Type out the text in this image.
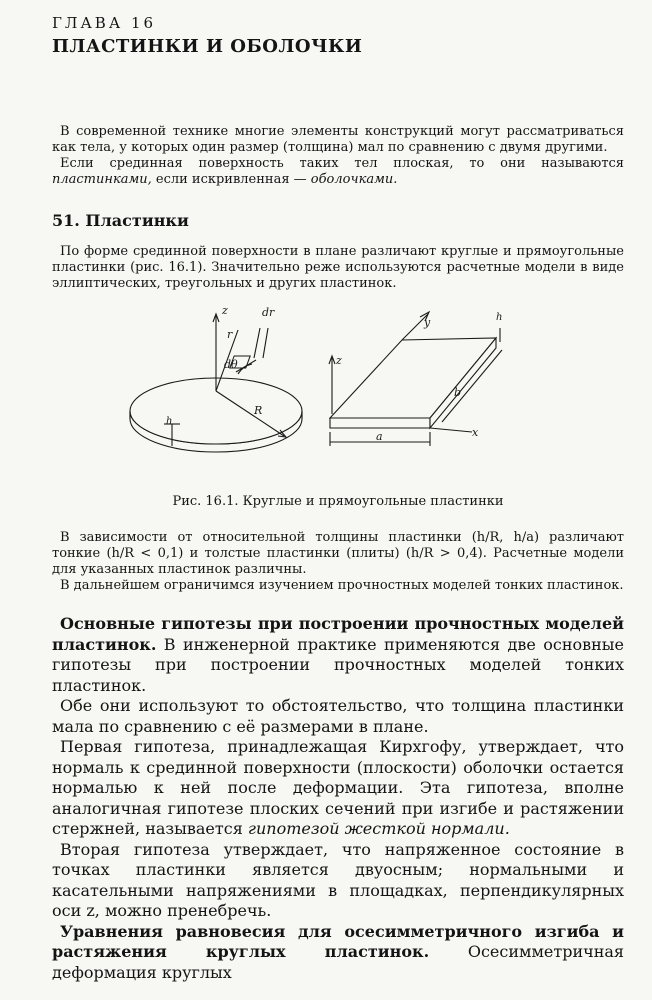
ГЛАВА 16

ПЛАСТИНКИ И ОБОЛОЧКИ

В современной технике многие элементы конструкций могут рассматриваться как тела, у которых один размер (толщина) мал по сравнению с двумя другими.

Если срединная поверхность таких тел плоская, то они называются пластинками, если искривленная — оболочками.

51. Пластинки

По форме срединной поверхности в плане различают круглые и прямоугольные пластинки (рис. 16.1). Значительно реже используются расчетные модели в виде эллиптических, треугольных и других пластинок.

z	dr
r
dθ
R
h
z
y	h
b
a	x

Рис. 16.1. Круглые и прямоугольные пластинки

В зависимости от относительной толщины пластинки (h/R, h/a) различают тонкие (h/R < 0,1) и толстые пластинки (плиты) (h/R > 0,4). Расчетные модели для указанных пластинок различны.

В дальнейшем ограничимся изучением прочностных моделей тонких пластинок.

Основные гипотезы при построении прочностных моделей пластинок. В инженерной практике применяются две основные гипотезы при построении прочностных моделей тонких пластинок.

Обе они используют то обстоятельство, что толщина пластинки мала по сравнению с её размерами в плане.

Первая гипотеза, принадлежащая Кирхгофу, утверждает, что нормаль к срединной поверхности (плоскости) оболочки остается нормалью к ней после деформации. Эта гипотеза, вполне аналогичная гипотезе плоских сечений при изгибе и растяжении стержней, называется гипотезой жесткой нормали.

Вторая гипотеза утверждает, что напряженное состояние в точках пластинки является двуосным; нормальными и касательными напряжениями в площадках, перпендикулярных оси z, можно пренебречь.

Уравнения равновесия для осесимметричного изгиба и растяжения круглых пластинок. Осесимметричная деформация круглых
